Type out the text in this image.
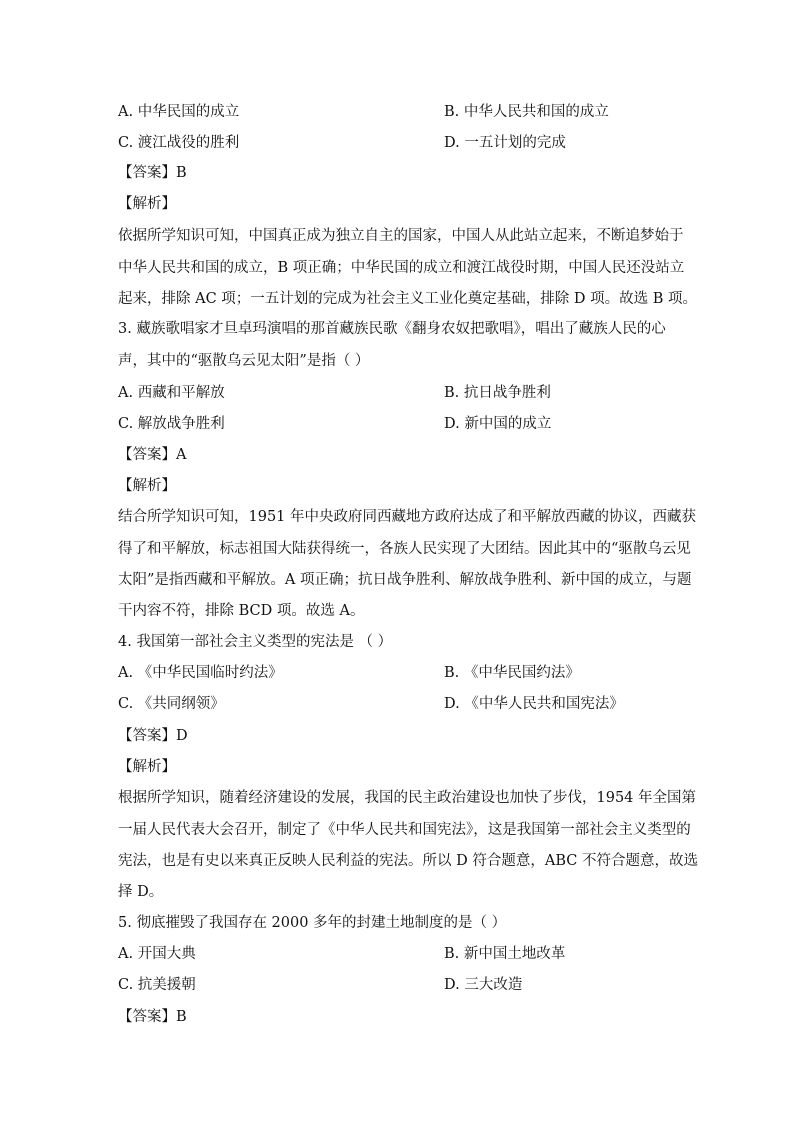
A. 中华民国的成立	B. 中华人民共和国的成立
C. 渡江战役的胜利	D. 一五计划的完成
【答案】B
【解析】
依据所学知识可知，中国真正成为独立自主的国家，中国人从此站立起来，不断追梦始于
中华人民共和国的成立，B 项正确；中华民国的成立和渡江战役时期，中国人民还没站立
起来，排除 AC 项；一五计划的完成为社会主义工业化奠定基础，排除 D 项。故选 B 项。
3. 藏族歌唱家才旦卓玛演唱的那首藏族民歌《翻身农奴把歌唱》，唱出了藏族人民的心
声，其中的“驱散乌云见太阳”是指（ ）
A. 西藏和平解放	B. 抗日战争胜利
C. 解放战争胜利	D. 新中国的成立
【答案】A
【解析】
结合所学知识可知，1951 年中央政府同西藏地方政府达成了和平解放西藏的协议，西藏获
得了和平解放，标志祖国大陆获得统一，各族人民实现了大团结。因此其中的“驱散乌云见
太阳”是指西藏和平解放。A 项正确；抗日战争胜利、解放战争胜利、新中国的成立，与题
干内容不符，排除 BCD 项。故选 A。
4. 我国第一部社会主义类型的宪法是 （ ）
A. 《中华民国临时约法》	B. 《中华民国约法》
C. 《共同纲领》	D. 《中华人民共和国宪法》
【答案】D
【解析】
根据所学知识，随着经济建设的发展，我国的民主政治建设也加快了步伐，1954 年全国第
一届人民代表大会召开，制定了《中华人民共和国宪法》，这是我国第一部社会主义类型的
宪法，也是有史以来真正反映人民利益的宪法。所以 D 符合题意，ABC 不符合题意，故选
择 D。
5. 彻底摧毁了我国存在 2000 多年的封建土地制度的是（ ）
A. 开国大典	B. 新中国土地改革
C. 抗美援朝	D. 三大改造
【答案】B
